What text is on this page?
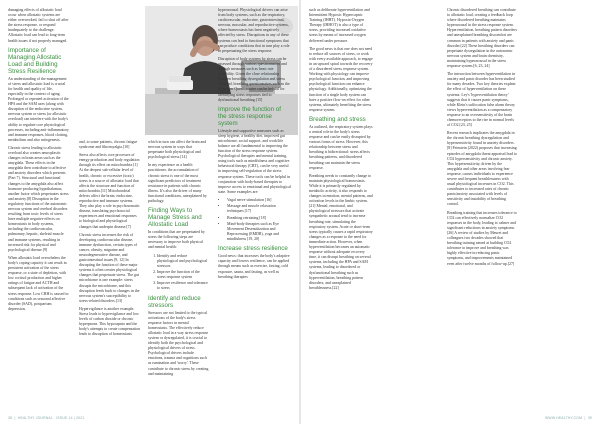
damaging effects of allostatic load occur when allostatic systems are either overworked, fail to shut off after the stress response, or respond inadequately to the challenge. Allostatic load can lead to long-term health issues if not properly managed.

Importance of Managing Allostatic Load and Building Stress Resilience

An understanding of the management of stress and allostatic load is crucial for health and quality of life, especially in the context of aging. Prolonged or repeated activation of the HPA and the SAM axes (along with disruption of the endocrine system, nervous system or stress (or allostatic overload) can interfere with the body's ability to regulate core physiological processes, including anti-inflammatory and immune responses, blood clotting, metabolism and also mitogenesis.

Chronic stress leading to allostatic overload also creates neuroplastic changes in brain areas such as the amygdala. These effects in the amygdala then contribute to affective and anxiety disorders which presents (Part 7). Structural and functional changes to the amygdala also affect hormone producing hypothalamus, another factor which perpetuates stress and anxiety.[8] Disruption in the regulatory functions of the autonomic nervous system and cerebral disorders resulting from toxic levels of stress have multiple negative effects on homeostasis in body systems, including the cardiovascular, pulmonary, hepatic, skeletal muscle and immune systems, resulting in increased risk for physical and psychological disease.[9]

When allostatic load overwhelms the body's coping capacity it can result in persistent activation of the stress response, or a state of depletion, with low cortisol production and higher ratings of fatigue and ACTH and subsequent lack of activation of the stress response. Low CRH is caused in conditions such as seasonal affective disorder (SAD), postpartum depression,

and, to some patients, chronic fatigue syndrome and fibromyalgia.[10]

Stress also affects core processes of energy production and body regulation through its effect on mitochondria.[1] At the deepest sub-cellular level of health, chronic or excessive (toxic) stress is a source of allostatic load that affects the structure and function of mitochondria.[11] Mitochondrial defects affect the brain, endocrine, reproductive and immune systems. They also play a role in psychosomatic disease, translating psychosocial experiences and emotional responses to biological and physiological changes that underpin disease.[7]

Chronic stress increases the risk of developing cardiovascular disease, immune dysfunction, certain types of cancer, obesity, migraine and neurodegenerative disease, and gastrointestinal issues.[9, 12] In disrupting the function of these major systems it often creates physiological changes that perpetuate stress. The gut microbiome is one example: stress disrupts the microbiome, and this disruption feeds back to changes in the nervous system's susceptibility to stress-related disorders.[13]

Hypervigilance is another example. Stress leads to hypervigilance and low levels of carbon dioxide or chronic hyperpnoea. This hypocapnia and the body's attempts to create compensation leads to disruption of homeostasis

which in turn can affect the brain and nervous system in ways that perpetuate both physiological and psychological stress.[14]

In my experience as a health practitioner, the accumulation of chronic stress is one of the most significant predictors of treatment resistance in patients with chronic illness. It's also the driver of many functional conditions, unexplained by pathology.

Finding Ways to Manage Stress and Allostatic Load

In conditions that are perpetuated by stress the following steps are necessary to improve both physical and mental health:

1. Identify and reduce physiological and psychological stressors
2. Improve the function of the stress response system
3. Improve resilience and tolerance to stress
Identify and reduce stressors

Stressors are not limited to the typical activations of the body's stress response factors in mental homeostasis. The effectively reduce allostatic load in a way stress response system or dysregulated, it is crucial to identify both the psychological and physiological drivers of stress. Psychological drivers include emotions, trauma and cognitions such as rumination and 'worry'. These contribute to chronic stress by creating and maintaining

hyperarousal. Physiological drivers can arise from body systems, such as the respiratory, cardiovascular, endocrine, gastrointestinal, nervous, muscular, and reproductive systems, where homeostasis has been negatively affected by stress. Disruptions in any of these systems can lead to functional symptoms that can produce conditions that in turn play a role in perpetuating the stress response.

Disruption of body systems by stress can be assessed through various questionnaires and through measures such as heart rate variability. Given the close relationship between breathing dysregulation and stress overload, breathing questionnaires such as the Nijmegen Questionnaire can be helpful for identifying stress responses tied to dysfunctional breathing.[15]

Improve the function of the stress response system

Lifestyle and supportive measures such as sleep hygiene, a healthy diet, improved gut microbiome, social support, and work/life balance are all fundamental to improving the function of the stress response system. Psychological therapies and mental training, using tools such as mindfulness and cognitive behavioral therapy (CBT), can be very useful in improving self-regulation of the stress response system. These tools can be helpful in conjunction with body-based therapies to improve access to emotional and physiological state. Some examples are:

• Vagal nerve stimulation [16]
• Massage and muscle relaxation techniques [17]
• Breathing retraining [18]
• Mind-body therapies such as Eye Movement Desensitization and Reprocessing (EMDR), yoga and mindfulness [19, 20]
Increase stress resilience

Good news: that increases the body's adaptive capacity and lowers resilience, can be applied through means such as exercise, fasting, cold exposure, sauna, and fasting, as well as breathing therapies

38  |  HEALTHY JOURNAL ISSUE 14 | 2021

such as deliberate hyperventilation and Intermittent Hypoxic Hypercapnic Training (IHHT). Hypoxia-Oxygen Therapy (IHHOT) is also a type of stress, providing increased oxidative stress by means of increased oxygen delivered under pressure.

The good news is that one does not need to reduce all sources of stress, or work with every available approach, to engage in an upward spiral towards the recovery of a disordered stress response system. Working with physiology can improve psychological function, and improving psychological function can enhance physiology. Additionally, optimizing the function of a single body system can have a positive flow-on effect for other systems, ultimately benefiting the stress response system.

Breathing and stress

As outlined, the respiratory system plays a central role in the body's stress response and can be easily disrupted by various forms of stress. However, this relationship between stress and breathing is bidirectional: stress affects breathing patterns, and disordered breathing can maintain the stress response.

Breathing needs to constantly change to maintain physiological homeostasis. While it is primarily regulated by metabolic activity, it also responds to changes in emotion, mental patterns, and activation levels in the limbic system.[21] Mental, emotional, and physiological stressors that activate sympathetic arousal tend to increase breathing rate, stimulating the respiratory system. Acute or short-term stress typically causes a rapid respiratory changes as a response to the need for immediate action. However, when hyperventilation becomes an automatic response without adequate recovery time, it can disrupt breathing on several systems, including the HPA and SAM systems, leading to disordered or dysfunctional breathing such as hyperventilation, breathing pattern disorders, and unexplained breathlessness.[22]

Chronic disordered breathing can contribute to allostatic load, creating a feedback loop where disordered breathing maintains hyperarousal in the stress response system. Hyperventilation, breathing pattern disorders and unexplained breathing discomfort are common in patients with anxiety and panic disorder.[22] These breathing disorders can perpetuate dysregulation in the autonomic nervous system and brain chemistry, maintaining hyperarousal in the stress response system.[6, 23, 24]

The interaction between hyperventilation in anxiety and panic disorder has been studied for many decades. Two key theories explain the effect of hyperventilation on these systems: Ley's 'hyperventilation theory' suggests that it causes panic symptoms, while Klein's suffocation false alarm theory views hyperventilation as a compensatory response to an oversensitivity of the brain chemoreceptors to the rise in normal levels of CO2.[23, 25]

Recent research implicates the amygdala in the chronic breathing dysregulation and hypersensitivity found in anxiety disorders.[8] Feinstein (2022) proposes that increasing episodes of amygdala threat appraisal lead to CO2 hypersensitivity and chronic anxiety. This hypersensitivity, driven by the amygdala and other areas involving fear response, causes individuals to experience severe and frequent breathlessness with usual physiological increases in CO2. This contributes to increased rates of chronic panic/anxiety associated with levels of sensitivity and instability of breathing control.

Breathing training that increases tolerance to CO2 can effectively normalize CO2 responses in the body, leading to calmer and significant reductions in anxiety symptoms.[26] A review of studies by Meuret and colleagues two decades showed that breathing training aimed at building CO2 tolerance to improve and breathing was highly effective in reducing panic symptoms, and improvements maintained even after twelve months of follow-up.[27]

WWW.HEALTHY.COM  |  39
